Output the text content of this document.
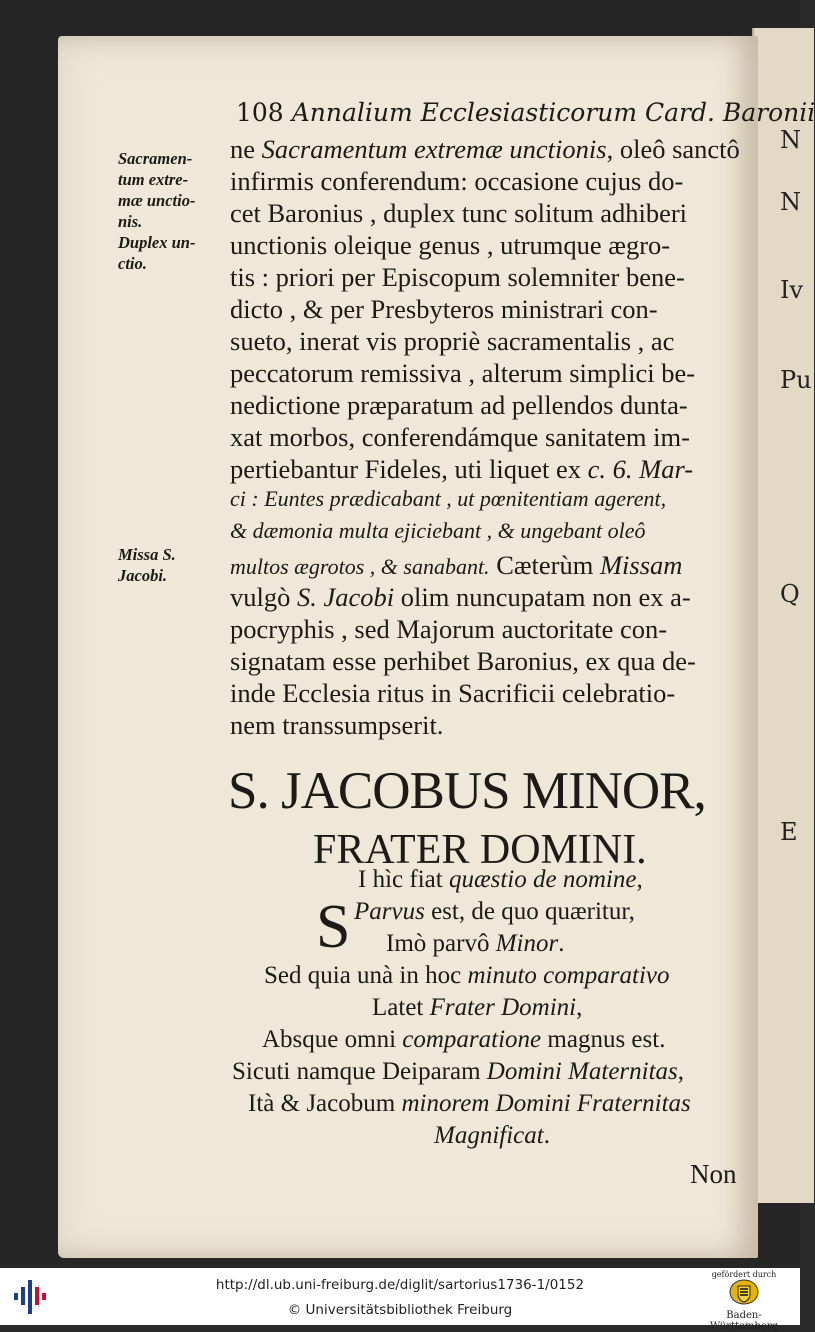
N
N
Iv
Pu
Q
E
108 Annalium Ecclesiasticorum Card. Baronii
Sacramen-
tum extre-
mæ unctio-
nis.
Duplex un-
ctio.
Missa S.
Jacobi.
ne Sacramentum extremæ unctionis, oleô sanctô
infirmis conferendum: occasione cujus do-
cet Baronius , duplex tunc solitum adhiberi
unctionis oleique genus , utrumque ægro-
tis : priori per Episcopum solemniter bene-
dicto , & per Presbyteros ministrari con-
sueto, inerat vis propriè sacramentalis , ac
peccatorum remissiva , alterum simplici be-
nedictione præparatum ad pellendos dunta-
xat morbos, conferendámque sanitatem im-
pertiebantur Fideles, uti liquet ex c. 6. Mar-
ci : Euntes prædicabant , ut pœnitentiam agerent,
& dæmonia multa ejiciebant , & ungebant oleô
multos ægrotos , & sanabant. Cæterùm Missam
vulgò S. Jacobi olim nuncupatam non ex a-
pocryphis , sed Majorum auctoritate con-
signatam esse perhibet Baronius, ex qua de-
inde Ecclesia ritus in Sacrificii celebratio-
nem transsumpserit.
S. JACOBUS MINOR,
FRATER DOMINI.
S
I hìc fiat quæstio de nomine,
Parvus est, de quo quæritur,
Imò parvô Minor.
Sed quia unà in hoc minuto comparativo
Latet Frater Domini,
Absque omni comparatione magnus est.
Sicuti namque Deiparam Domini Maternitas,
Ità & Jacobum minorem Domini Fraternitas
Magnificat.
Non
http://dl.ub.uni-freiburg.de/diglit/sartorius1736-1/0152
© Universitätsbibliothek Freiburg
gefördert durch
Baden-Württemberg
